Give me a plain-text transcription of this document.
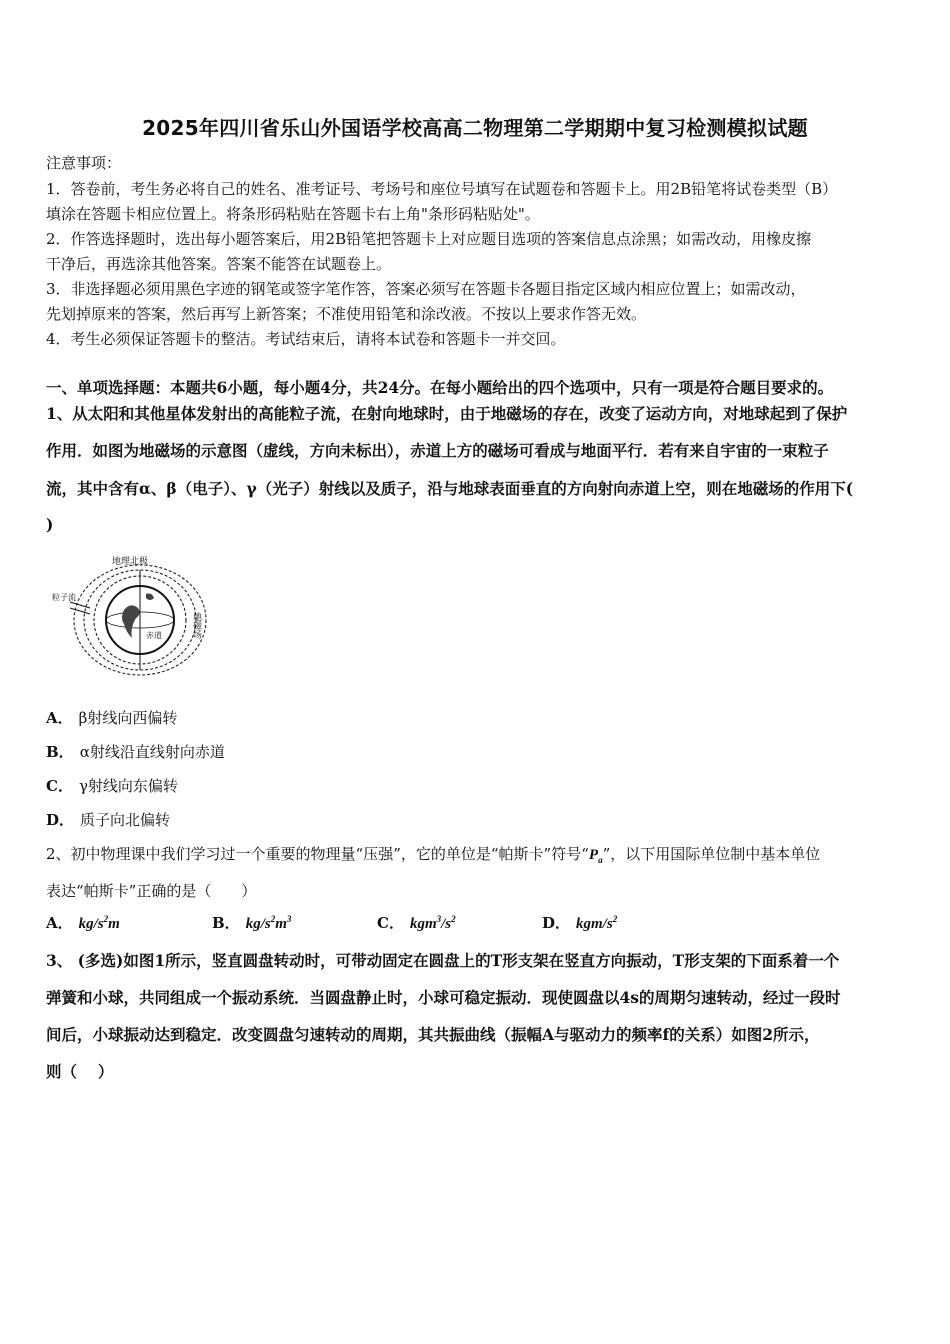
2025年四川省乐山外国语学校高高二物理第二学期期中复习检测模拟试题
注意事项：
1．答卷前，考生务必将自己的姓名、准考证号、考场号和座位号填写在试题卷和答题卡上。用2B铅笔将试卷类型（B）
填涂在答题卡相应位置上。将条形码粘贴在答题卡右上角"条形码粘贴处"。
2．作答选择题时，选出每小题答案后，用2B铅笔把答题卡上对应题目选项的答案信息点涂黑；如需改动，用橡皮擦
干净后，再选涂其他答案。答案不能答在试题卷上。
3．非选择题必须用黑色字迹的钢笔或签字笔作答，答案必须写在答题卡各题目指定区域内相应位置上；如需改动，
先划掉原来的答案，然后再写上新答案；不准使用铅笔和涂改液。不按以上要求作答无效。
4．考生必须保证答题卡的整洁。考试结束后，请将本试卷和答题卡一并交回。
一、单项选择题：本题共6小题，每小题4分，共24分。在每小题给出的四个选项中，只有一项是符合题目要求的。
1、从太阳和其他星体发射出的高能粒子流，在射向地球时，由于地磁场的存在，改变了运动方向，对地球起到了保护
作用．如图为地磁场的示意图（虚线，方向未标出），赤道上方的磁场可看成与地面平行．若有来自宇宙的一束粒子
流，其中含有α、β（电子）、γ（光子）射线以及质子，沿与地球表面垂直的方向射向赤道上空，则在地磁场的作用下(
)
地理北极
粒子流
赤道	地磁场
A． β射线向西偏转
B． α射线沿直线射向赤道
C． γ射线向东偏转
D． 质子向北偏转
2、初中物理课中我们学习过一个重要的物理量“压强”，它的单位是“帕斯卡”符号“$P_a$”，以下用国际单位制中基本单位
表达“帕斯卡”正确的是（　　）
A． $kg/s^2m$	B． $kg/s^2m^3$	C． $kgm^3/s^2$	D． kgm/$s^2$
3、 (多选)如图1所示，竖直圆盘转动时，可带动固定在圆盘上的T形支架在竖直方向振动，T形支架的下面系着一个
弹簧和小球，共同组成一个振动系统．当圆盘静止时，小球可稳定振动．现使圆盘以4s的周期匀速转动，经过一段时
间后，小球振动达到稳定．改变圆盘匀速转动的周期，其共振曲线（振幅A与驱动力的频率f的关系）如图2所示，
则（　 ）
